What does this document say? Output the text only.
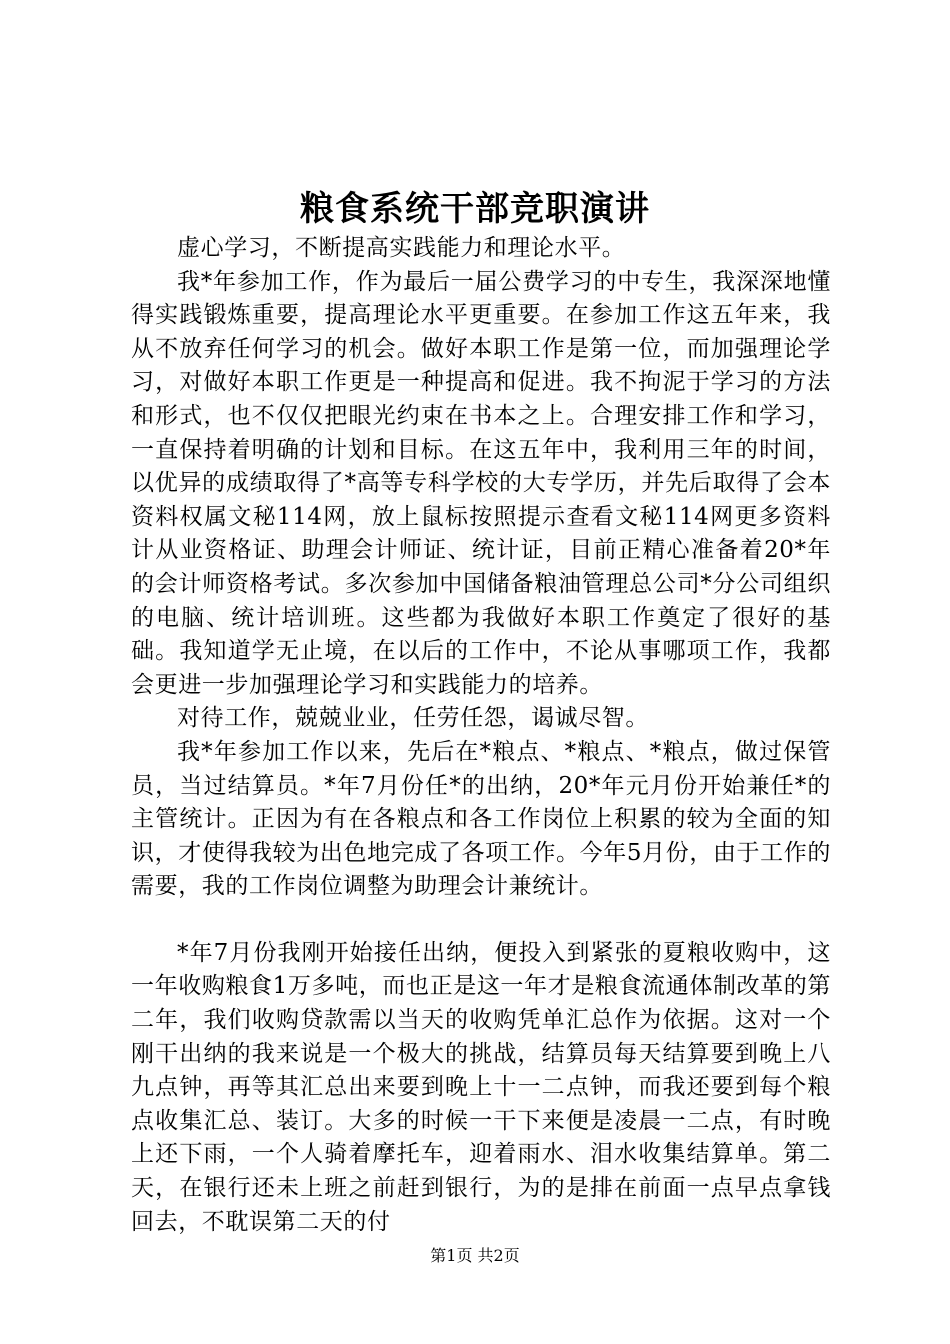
粮食系统干部竞职演讲

虚心学习，不断提高实践能力和理论水平。

我*年参加工作，作为最后一届公费学习的中专生，我深深地懂得实践锻炼重要，提高理论水平更重要。在参加工作这五年来，我从不放弃任何学习的机会。做好本职工作是第一位，而加强理论学习，对做好本职工作更是一种提高和促进。我不拘泥于学习的方法和形式，也不仅仅把眼光约束在书本之上。合理安排工作和学习，一直保持着明确的计划和目标。在这五年中，我利用三年的时间，以优异的成绩取得了*高等专科学校的大专学历，并先后取得了会本资料权属文秘114网，放上鼠标按照提示查看文秘114网更多资料计从业资格证、助理会计师证、统计证，目前正精心准备着20*年的会计师资格考试。多次参加中国储备粮油管理总公司*分公司组织的电脑、统计培训班。这些都为我做好本职工作奠定了很好的基础。我知道学无止境，在以后的工作中，不论从事哪项工作，我都会更进一步加强理论学习和实践能力的培养。

对待工作，兢兢业业，任劳任怨，谒诚尽智。

我*年参加工作以来，先后在*粮点、*粮点、*粮点，做过保管员，当过结算员。*年7月份任*的出纳，20*年元月份开始兼任*的主管统计。正因为有在各粮点和各工作岗位上积累的较为全面的知识，才使得我较为出色地完成了各项工作。今年5月份，由于工作的需要，我的工作岗位调整为助理会计兼统计。

*年7月份我刚开始接任出纳，便投入到紧张的夏粮收购中，这一年收购粮食1万多吨，而也正是这一年才是粮食流通体制改革的第二年，我们收购贷款需以当天的收购凭单汇总作为依据。这对一个刚干出纳的我来说是一个极大的挑战，结算员每天结算要到晚上八九点钟，再等其汇总出来要到晚上十一二点钟，而我还要到每个粮点收集汇总、装订。大多的时候一干下来便是凌晨一二点，有时晚上还下雨，一个人骑着摩托车，迎着雨水、泪水收集结算单。第二天，在银行还未上班之前赶到银行，为的是排在前面一点早点拿钱回去，不耽误第二天的付

第1页 共2页
